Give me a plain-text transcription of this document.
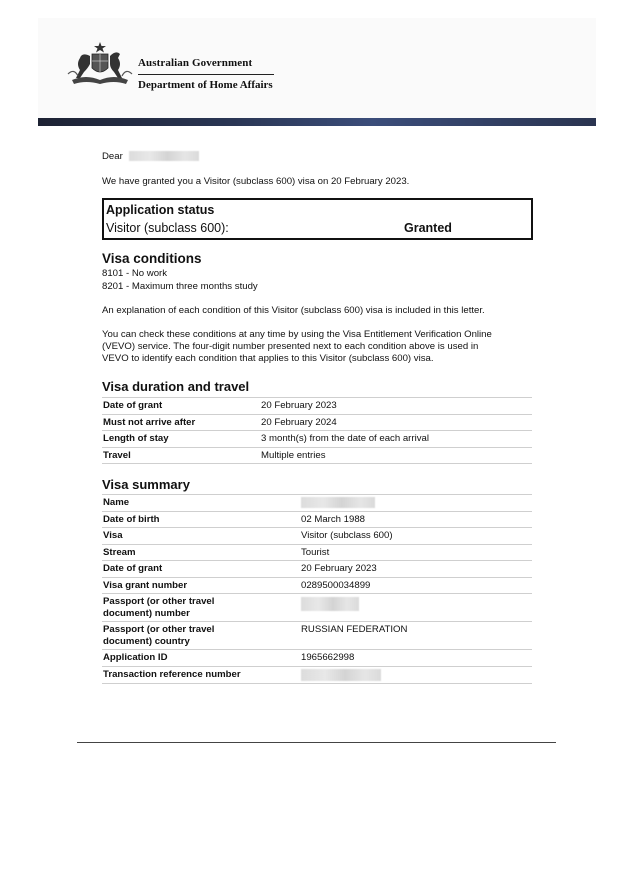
Australian Government
Department of Home Affairs
Dear
We have granted you a Visitor (subclass 600) visa on 20 February 2023.
Application status
Visitor (subclass 600):	Granted
Visa conditions
8101 - No work
8201 - Maximum three months study
An explanation of each condition of this Visitor (subclass 600) visa is included in this letter.
You can check these conditions at any time by using the Visa Entitlement Verification Online
(VEVO) service. The four-digit number presented next to each condition above is used in
VEVO to identify each condition that applies to this Visitor (subclass 600) visa.
Visa duration and travel
Date of grant	20 February 2023
Must not arrive after	20 February 2024
Length of stay	3 month(s) from the date of each arrival
Travel	Multiple entries
Visa summary
Name	
Date of birth	02 March 1988
Visa	Visitor (subclass 600)
Stream	Tourist
Date of grant	20 February 2023
Visa grant number	0289500034899
Passport (or other travel document) number	
Passport (or other travel document) country	RUSSIAN FEDERATION
Application ID	1965662998
Transaction reference number	
